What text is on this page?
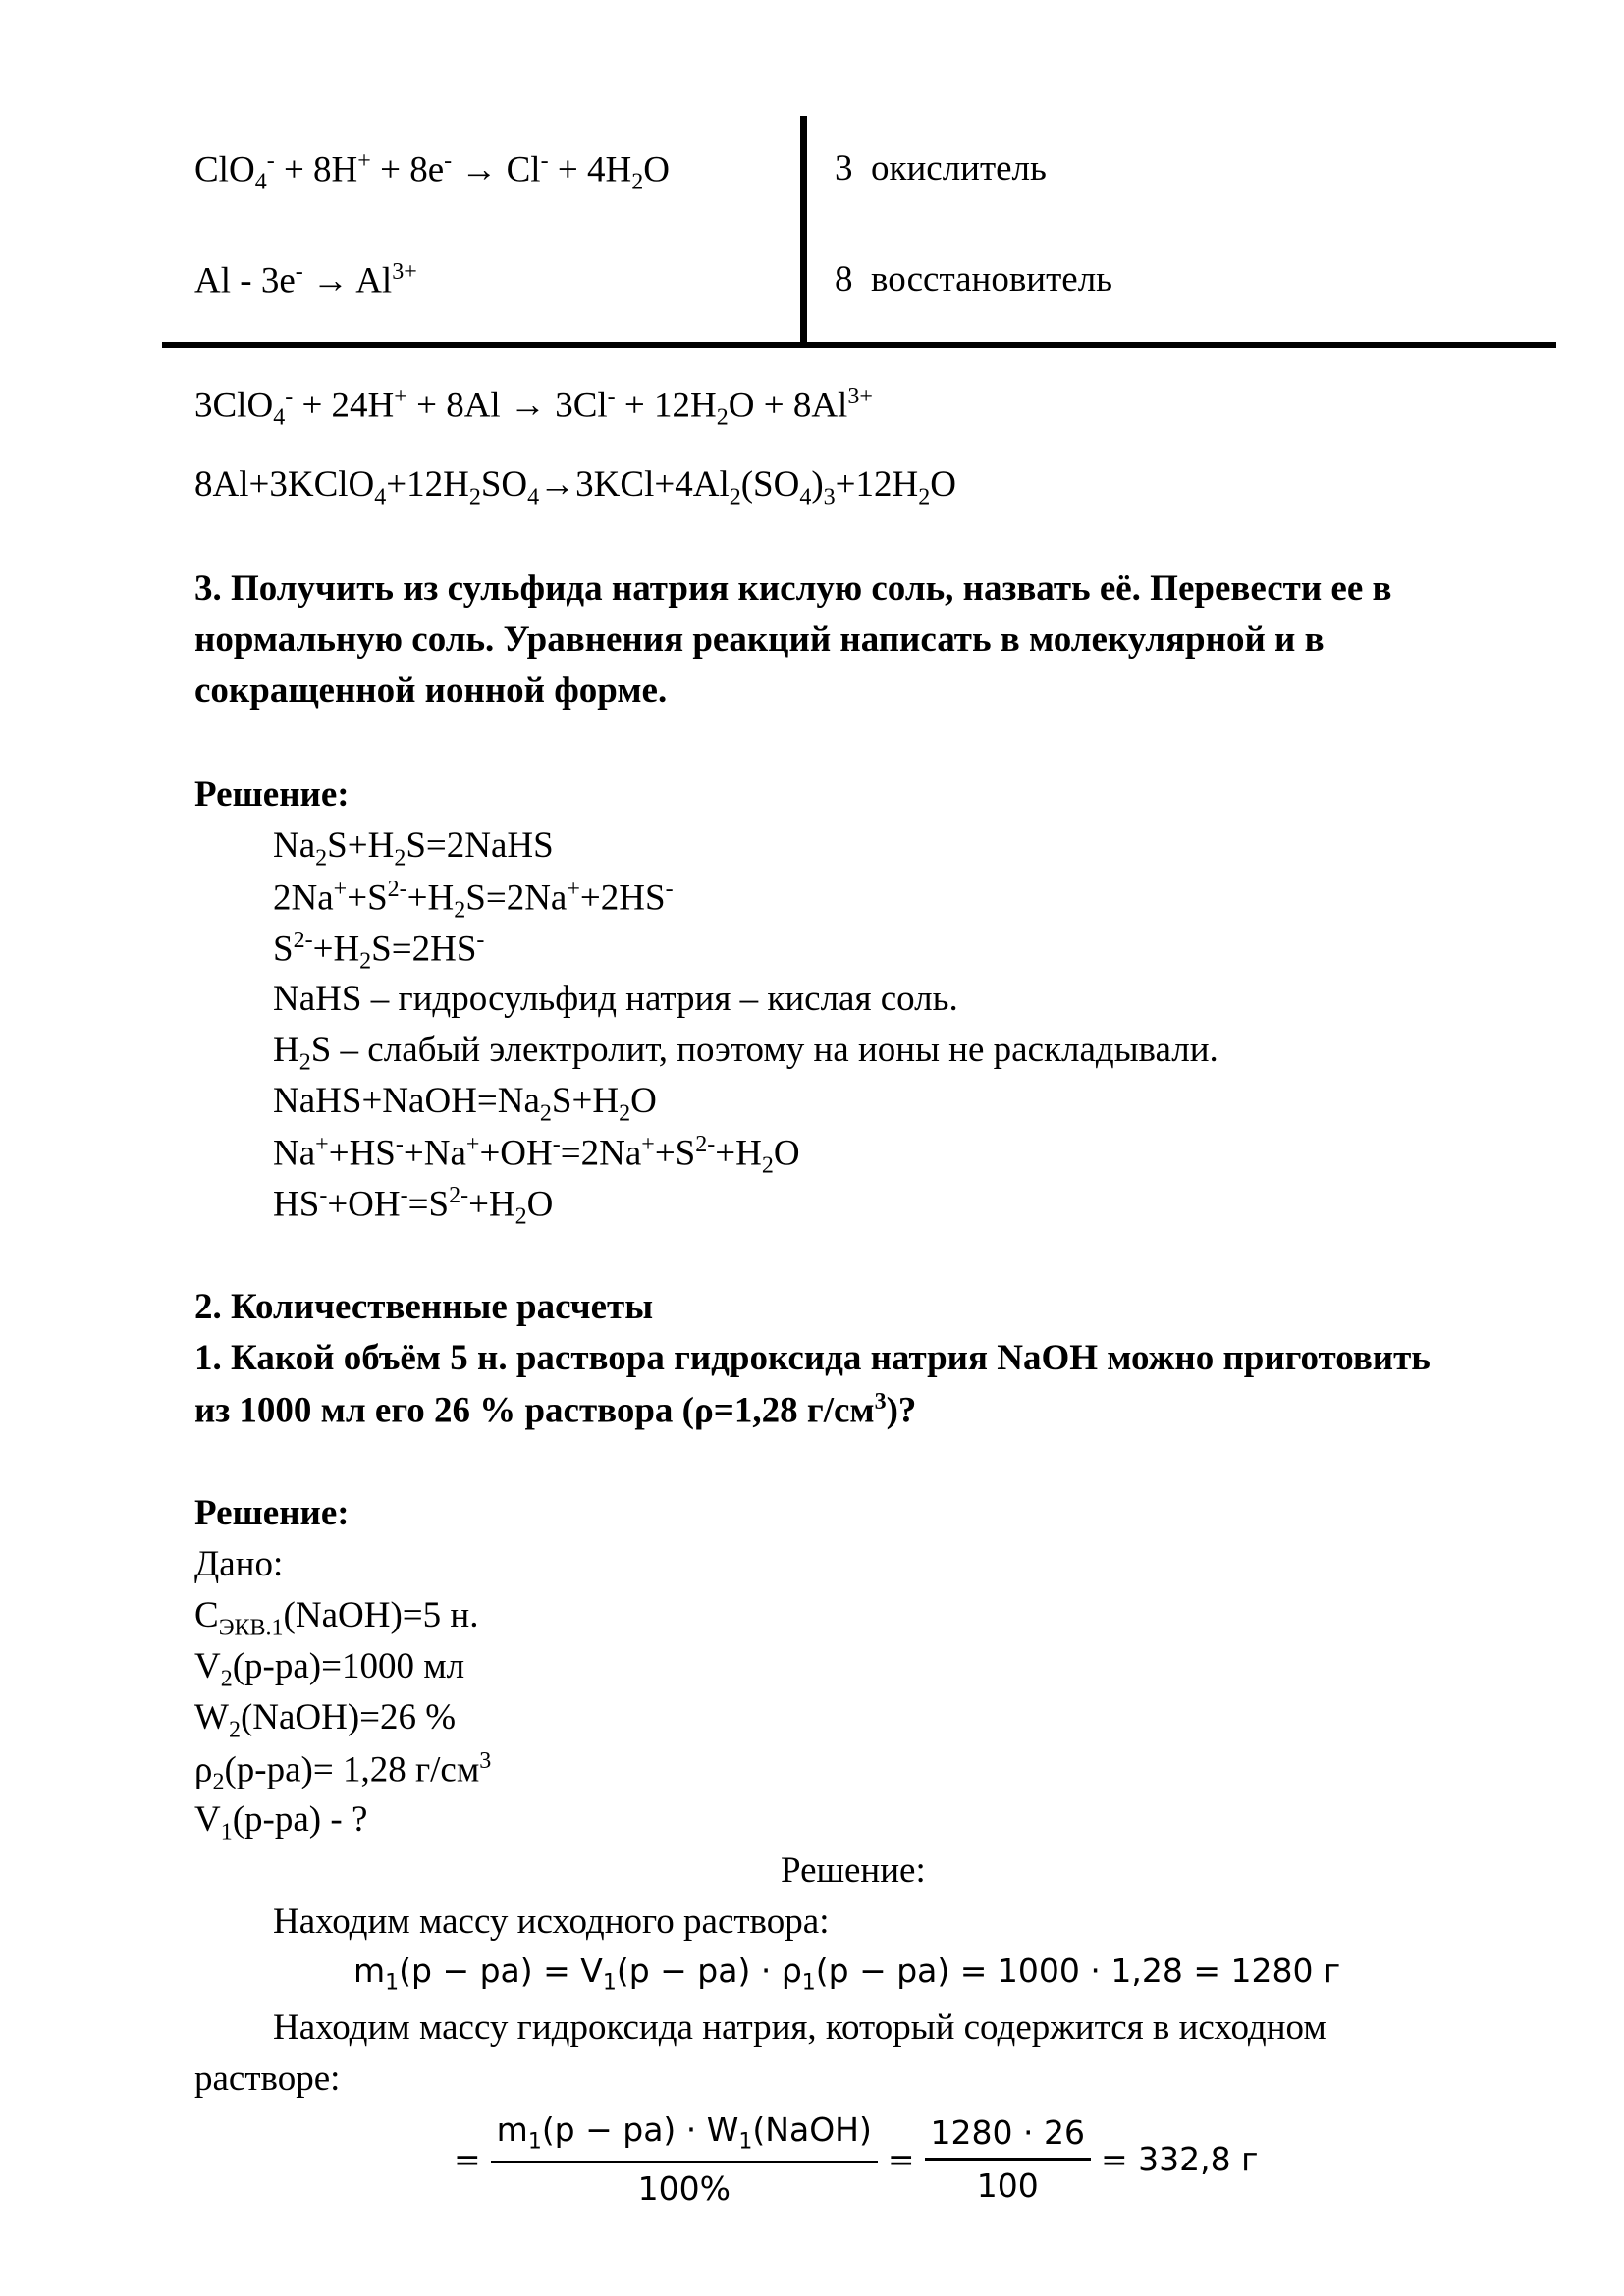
$ClO_4^- + 8H^+ + 8e^- \to Cl^- + 4H_2O$
$Al - 3e^- \to Al^{3+}$
3 окислитель
8 восстановитель
$3ClO_4^- + 24H^+ + 8Al \to 3Cl^- + 12H_2O + 8Al^{3+}$
$8Al+3KClO_4+12H_2SO_4\to 3KCl+4Al_2(SO_4)_3+12H_2O$
3. Получить из сульфида натрия кислую соль, назвать её. Перевести ее в
нормальную соль. Уравнения реакций написать в молекулярной и в
сокращенной ионной форме.
Решение:
$Na_2S+H_2S=2NaHS$
$2Na^++S^{2-}+H_2S=2Na^++2HS^-$
$S^{2-}+H_2S=2HS^-$
NaHS – гидросульфид натрия – кислая соль.
$H_2S$ – слабый электролит, поэтому на ионы не раскладывали.
$NaHS+NaOH=Na_2S+H_2O$
$Na^++HS^-+Na^++OH^-=2Na^++S^{2-}+H_2O$
$HS^-+OH^-=S^{2-}+H_2O$
2. Количественные расчеты
1. Какой объём 5 н. раствора гидроксида натрия NaOH можно приготовить
из 1000 мл его 26 % раствора (ρ=1,28 $г/см^3$)?
Решение:
Дано:
$C_{ЭКВ.1}(NaOH)=5$ н.
$V_2(р-ра)=1000$ мл
$W_2(NaOH)=26$ %
$\rho_2(р-ра)= 1,28$ $г/см^3$
$V_1(р-ра)$ - ?
Решение:
Находим массу исходного раствора:
$m_1(р - ра) = V_1(р - ра) \cdot \rho_1(р - ра) = 1000 \cdot 1,28 = 1280$ г
Находим массу гидроксида натрия, который содержится в исходном
растворе:
= $\frac{m_1(р - ра) \cdot W_1(NaOH)}{100\%} = \frac{1280 \cdot 26}{100} = 332,8$ г
